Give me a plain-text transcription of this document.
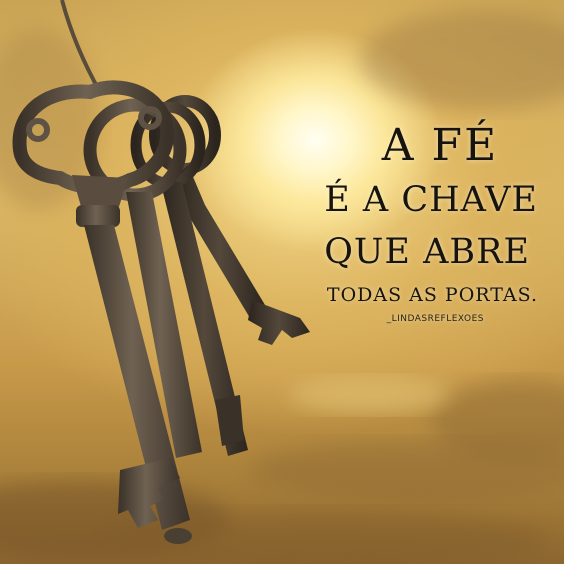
A FÉ
É A CHAVE
QUE ABRE
TODAS AS PORTAS.
_LINDASREFLEXOES
